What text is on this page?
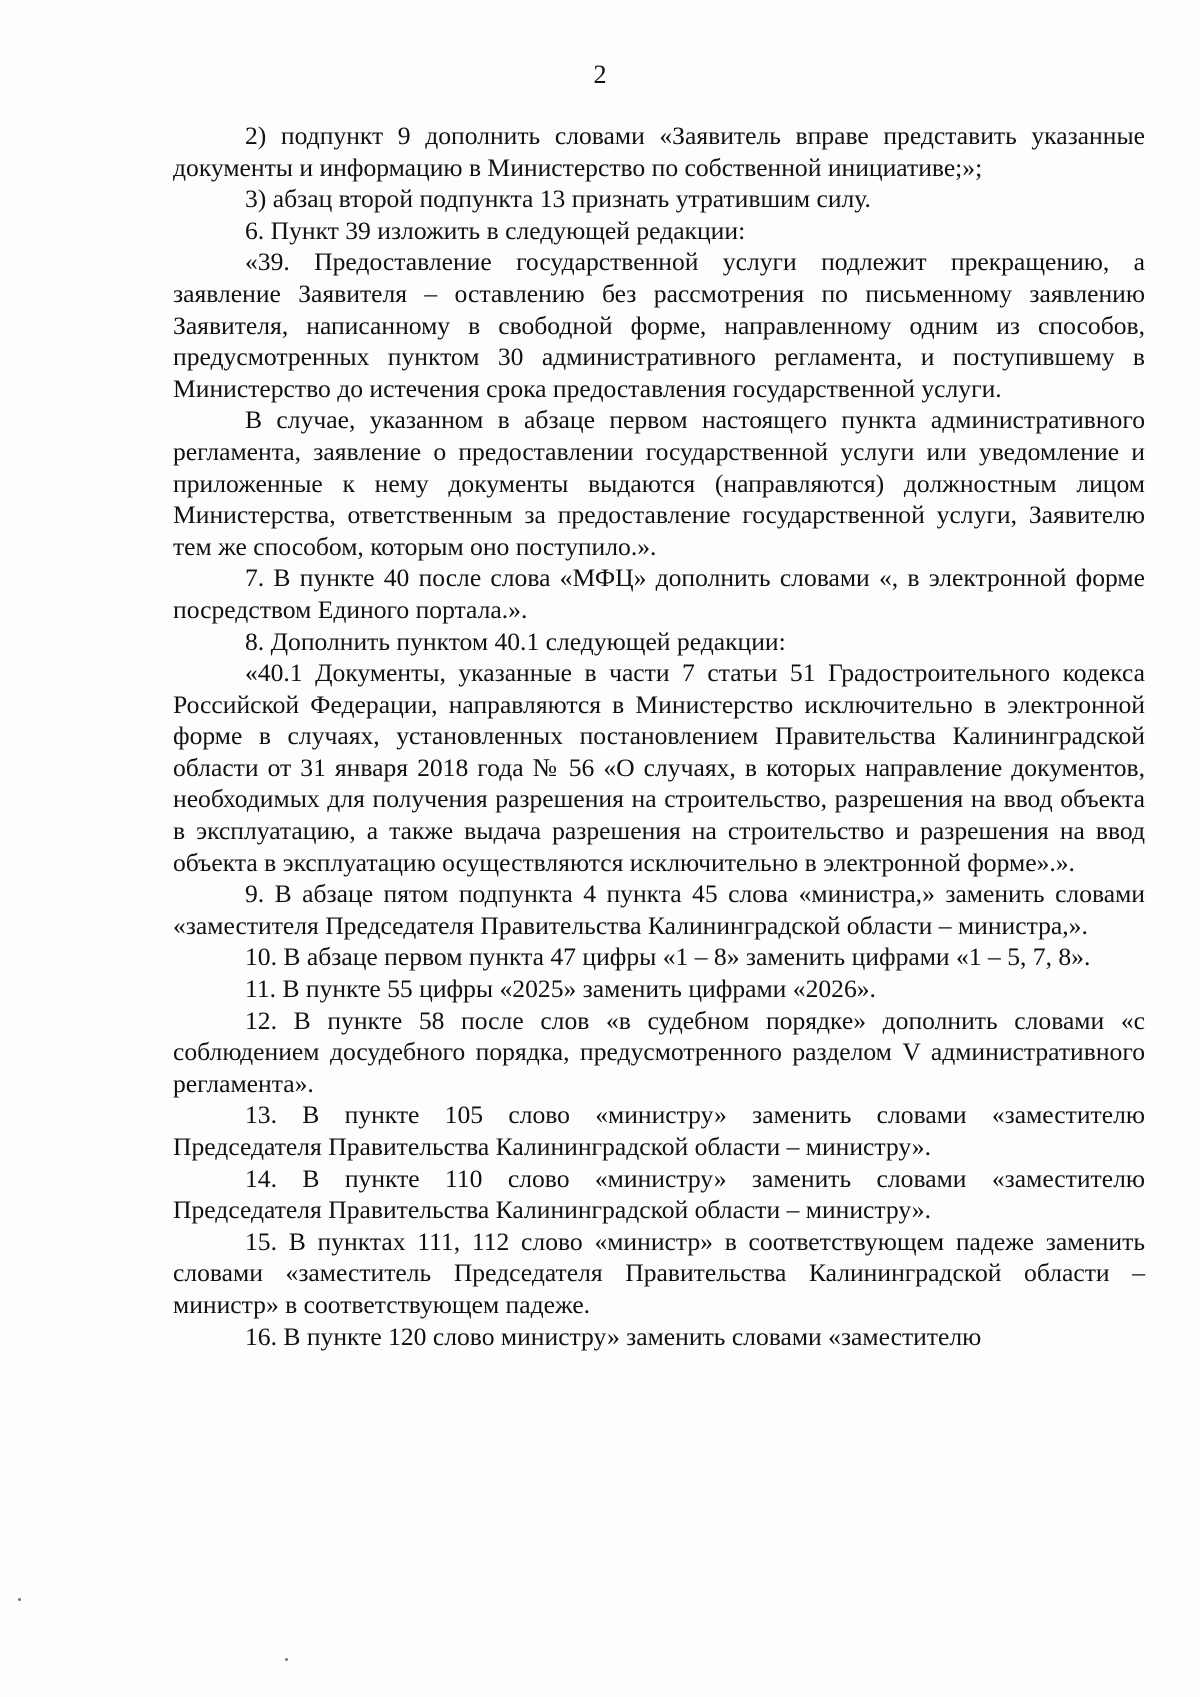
2

2) подпункт 9 дополнить словами «Заявитель вправе представить указанные документы и информацию в Министерство по собственной инициативе;»;

3) абзац второй подпункта 13 признать утратившим силу.

6. Пункт 39 изложить в следующей редакции:

«39. Предоставление государственной услуги подлежит прекращению, а заявление Заявителя – оставлению без рассмотрения по письменному заявлению Заявителя, написанному в свободной форме, направленному одним из способов, предусмотренных пунктом 30 административного регламента, и поступившему в Министерство до истечения срока предоставления государственной услуги.

В случае, указанном в абзаце первом настоящего пункта административного регламента, заявление о предоставлении государственной услуги или уведомление и приложенные к нему документы выдаются (направляются) должностным лицом Министерства, ответственным за предоставление государственной услуги, Заявителю тем же способом, которым оно поступило.».

7. В пункте 40 после слова «МФЦ» дополнить словами «, в электронной форме посредством Единого портала.».

8. Дополнить пунктом 40.1 следующей редакции:

«40.1 Документы, указанные в части 7 статьи 51 Градостроительного кодекса Российской Федерации, направляются в Министерство исключительно в электронной форме в случаях, установленных постановлением Правительства Калининградской области от 31 января 2018 года № 56 «О случаях, в которых направление документов, необходимых для получения разрешения на строительство, разрешения на ввод объекта в эксплуатацию, а также выдача разрешения на строительство и разрешения на ввод объекта в эксплуатацию осуществляются исключительно в электронной форме».».

9. В абзаце пятом подпункта 4 пункта 45 слова «министра,» заменить словами «заместителя Председателя Правительства Калининградской области – министра,».

10. В абзаце первом пункта 47 цифры «1 – 8» заменить цифрами «1 – 5, 7, 8».

11. В пункте 55 цифры «2025» заменить цифрами «2026».

12. В пункте 58 после слов «в судебном порядке» дополнить словами «с соблюдением досудебного порядка, предусмотренного разделом V административного регламента».

13. В пункте 105 слово «министру» заменить словами «заместителю Председателя Правительства Калининградской области – министру».

14. В пункте 110 слово «министру» заменить словами «заместителю Председателя Правительства Калининградской области – министру».

15. В пунктах 111, 112 слово «министр» в соответствующем падеже заменить словами «заместитель Председателя Правительства Калининградской области – министр» в соответствующем падеже.

16. В пункте 120 слово министру» заменить словами «заместителю
